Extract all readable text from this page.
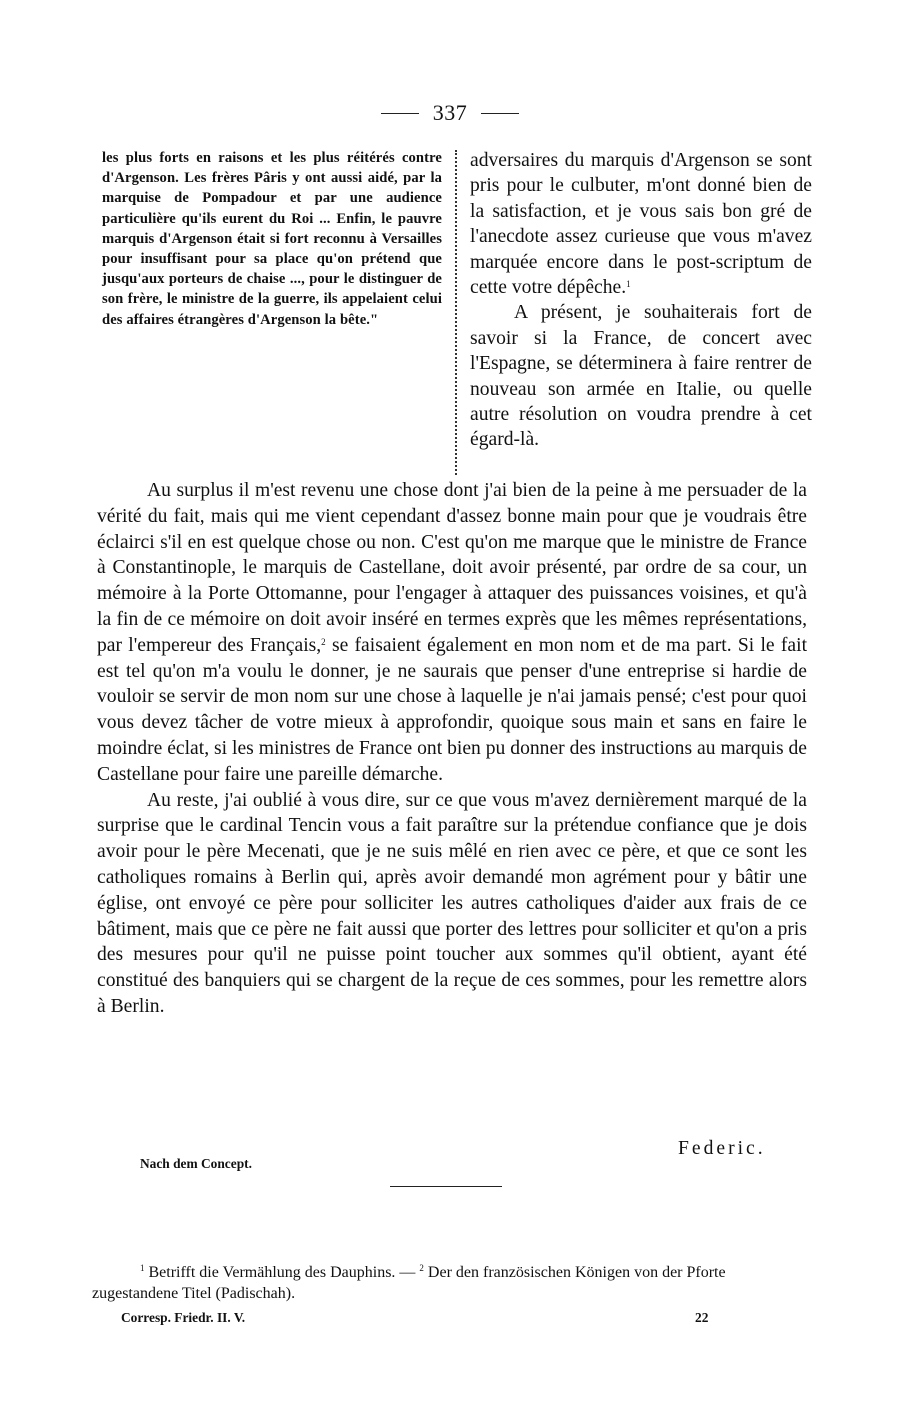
337

les plus forts en raisons et les plus réitérés contre d'Argenson. Les frères Pâris y ont aussi aidé, par la marquise de Pompadour et par une audience particulière qu'ils eurent du Roi ... Enfin, le pauvre marquis d'Argenson était si fort reconnu à Versailles pour insuffisant pour sa place qu'on prétend que jusqu'aux porteurs de chaise ..., pour le distinguer de son frère, le ministre de la guerre, ils appelaient celui des affaires étrangères d'Argenson la bête."

adversaires du marquis d'Argenson se sont pris pour le culbuter, m'ont donné bien de la satisfaction, et je vous sais bon gré de l'anecdote assez curieuse que vous m'avez marquée encore dans le post-scriptum de cette votre dépêche.$^1$

A présent, je souhaiterais fort de savoir si la France, de concert avec l'Espagne, se déterminera à faire rentrer de nouveau son armée en Italie, ou quelle autre résolution on voudra prendre à cet égard-là.

Au surplus il m'est revenu une chose dont j'ai bien de la peine à me persuader de la vérité du fait, mais qui me vient cependant d'assez bonne main pour que je voudrais être éclairci s'il en est quelque chose ou non. C'est qu'on me marque que le ministre de France à Constantinople, le marquis de Castellane, doit avoir présenté, par ordre de sa cour, un mémoire à la Porte Ottomanne, pour l'engager à attaquer des puissances voisines, et qu'à la fin de ce mémoire on doit avoir inséré en termes exprès que les mêmes représentations, par l'empereur des Français,$^2$ se faisaient également en mon nom et de ma part. Si le fait est tel qu'on m'a voulu le donner, je ne saurais que penser d'une entreprise si hardie de vouloir se servir de mon nom sur une chose à laquelle je n'ai jamais pensé; c'est pour quoi vous devez tâcher de votre mieux à approfondir, quoique sous main et sans en faire le moindre éclat, si les ministres de France ont bien pu donner des instructions au marquis de Castellane pour faire une pareille démarche.

Au reste, j'ai oublié à vous dire, sur ce que vous m'avez dernièrement marqué de la surprise que le cardinal Tencin vous a fait paraître sur la prétendue confiance que je dois avoir pour le père Mecenati, que je ne suis mêlé en rien avec ce père, et que ce sont les catholiques romains à Berlin qui, après avoir demandé mon agrément pour y bâtir une église, ont envoyé ce père pour solliciter les autres catholiques d'aider aux frais de ce bâtiment, mais que ce père ne fait aussi que porter des lettres pour solliciter et qu'on a pris des mesures pour qu'il ne puisse point toucher aux sommes qu'il obtient, ayant été constitué des banquiers qui se chargent de la reçue de ces sommes, pour les remettre alors à Berlin.

Federic.
Nach dem Concept.

$^1$ Betrifft die Vermählung des Dauphins. — $^2$ Der den französischen Königen von der Pforte zugestandene Titel (Padischah).

Corresp. Friedr. II. V.	22
